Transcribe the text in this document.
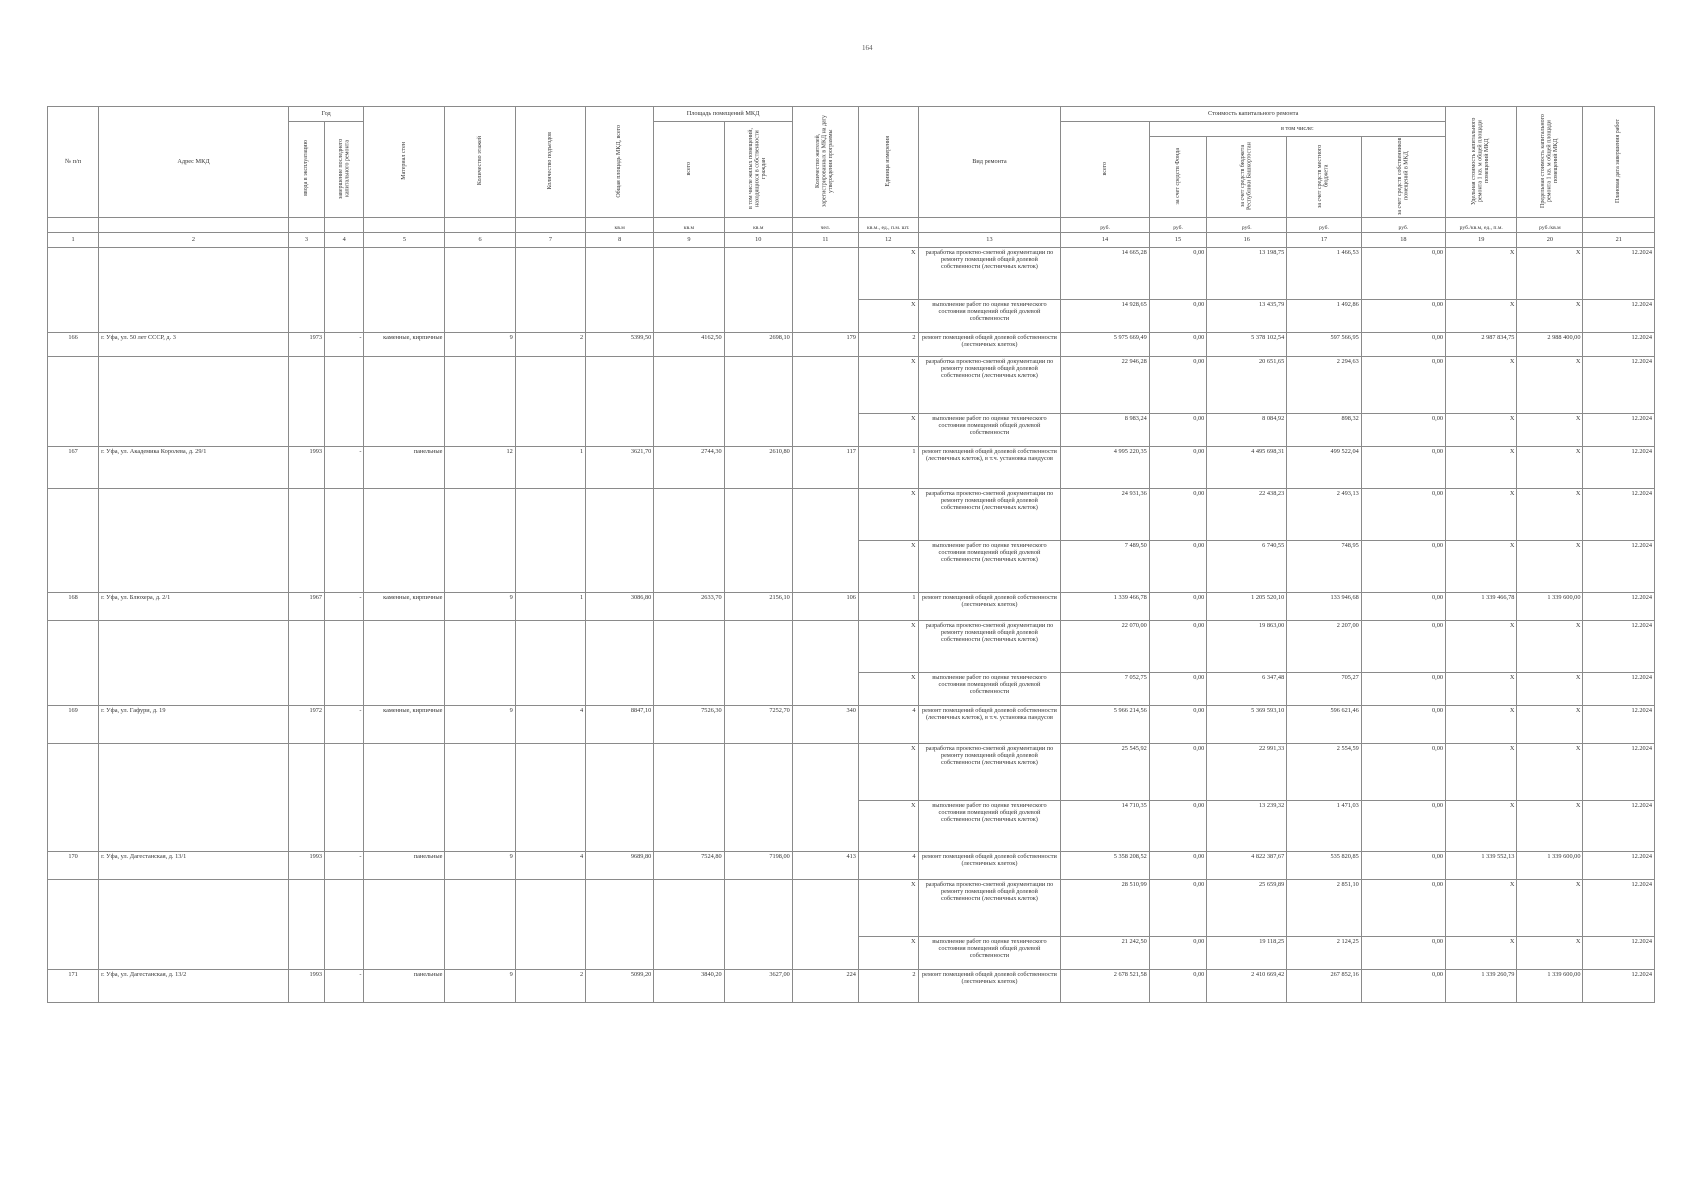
164
№ п/п	Адрес МКД	Год		Материал стен	Количество этажей	Количество подъездов	Общая площадь МКД, всего	Площадь помещений МКД		Количество жителей, зарегистрированных в МКД на дату утверждения программы	Единица измерения	Вид ремонта	Стоимость капитального ремонта					Удельная стоимость капитального ремонта 1 кв. м общей площади помещений МКД	Предельная стоимость капитального ремонта 1 кв. м общей площади помещений МКД	Плановая дата завершения работ
		ввода в эксплуатацию	завершение последнего капитального ремонта					всего	в том числе жилых помещений, находящихся в собственности граждан				всего	в том числе:						
														за счет средств Фонда	за счет средств бюджета Республики Башкортостан	за счет средств местного бюджета	за счет средств собственников помещений в МКД			
							кв.м	кв.м	кв.м	чел.	кв.м., ед., п.м. шт.		руб.	руб.	руб.	руб.	руб.	руб./кв.м, ед., п.м.	руб./кв.м	
1	2	3	4	5	6	7	8	9	10	11	12	13	14	15	16	17	18	19	20	21
											X	разработка проектно-сметной документации по ремонту помещений общей долевой собственности (лестничных клеток)	14 665,28	0,00	13 198,75	1 466,53	0,00	X	X	12.2024
											X	выполнение работ по оценке технического состояния помещений общей долевой собственности	14 928,65	0,00	13 435,79	1 492,86	0,00	X	X	12.2024
166	г. Уфа, ул. 50 лет СССР, д. 3	1973	-	каменные, кирпичные	9	2	5399,50	4162,50	2698,10	179	2	ремонт помещений общей долевой собственности (лестничных клеток)	5 975 669,49	0,00	5 378 102,54	597 566,95	0,00	2 987 834,75	2 988 400,00	12.2024
											X	разработка проектно-сметной документации по ремонту помещений общей долевой собственности (лестничных клеток)	22 946,28	0,00	20 651,65	2 294,63	0,00	X	X	12.2024
											X	выполнение работ по оценке технического состояния помещений общей долевой собственности	8 983,24	0,00	8 084,92	898,32	0,00	X	X	12.2024
167	г. Уфа, ул. Академика Королева, д. 29/1	1993	-	панельные	12	1	3621,70	2744,30	2610,80	117	1	ремонт помещений общей долевой собственности (лестничных клеток), в т.ч. установка пандусов	4 995 220,35	0,00	4 495 698,31	499 522,04	0,00	X	X	12.2024
											X	разработка проектно-сметной документации по ремонту помещений общей долевой собственности (лестничных клеток)	24 931,36	0,00	22 438,23	2 493,13	0,00	X	X	12.2024
											X	выполнение работ по оценке технического состояния помещений общей долевой собственности (лестничных клеток)	7 489,50	0,00	6 740,55	748,95	0,00	X	X	12.2024
168	г. Уфа, ул. Блюхера, д. 2/1	1967	-	каменные, кирпичные	9	1	3086,80	2633,70	2156,10	106	1	ремонт помещений общей долевой собственности (лестничных клеток)	1 339 466,78	0,00	1 205 520,10	133 946,68	0,00	1 339 466,78	1 339 600,00	12.2024
											X	разработка проектно-сметной документации по ремонту помещений общей долевой собственности (лестничных клеток)	22 070,00	0,00	19 863,00	2 207,00	0,00	X	X	12.2024
											X	выполнение работ по оценке технического состояния помещений общей долевой собственности	7 052,75	0,00	6 347,48	705,27	0,00	X	X	12.2024
169	г. Уфа, ул. Гафури, д. 19	1972	-	каменные, кирпичные	9	4	8847,10	7526,30	7252,70	340	4	ремонт помещений общей долевой собственности (лестничных клеток), в т.ч. установка пандусов	5 966 214,56	0,00	5 369 593,10	596 621,46	0,00	X	X	12.2024
											X	разработка проектно-сметной документации по ремонту помещений общей долевой собственности (лестничных клеток)	25 545,92	0,00	22 991,33	2 554,59	0,00	X	X	12.2024
											X	выполнение работ по оценке технического состояния помещений общей долевой собственности (лестничных клеток)	14 710,35	0,00	13 239,32	1 471,03	0,00	X	X	12.2024
170	г. Уфа, ул. Дагестанская, д. 13/1	1993	-	панельные	9	4	9689,80	7524,80	7198,00	413	4	ремонт помещений общей долевой собственности (лестничных клеток)	5 358 208,52	0,00	4 822 387,67	535 820,85	0,00	1 339 552,13	1 339 600,00	12.2024
											X	разработка проектно-сметной документации по ремонту помещений общей долевой собственности (лестничных клеток)	28 510,99	0,00	25 659,89	2 851,10	0,00	X	X	12.2024
											X	выполнение работ по оценке технического состояния помещений общей долевой собственности	21 242,50	0,00	19 118,25	2 124,25	0,00	X	X	12.2024
171	г. Уфа, ул. Дагестанская, д. 13/2	1993	-	панельные	9	2	5099,20	3840,20	3627,00	224	2	ремонт помещений общей долевой собственности (лестничных клеток)	2 678 521,58	0,00	2 410 669,42	267 852,16	0,00	1 339 260,79	1 339 600,00	12.2024
